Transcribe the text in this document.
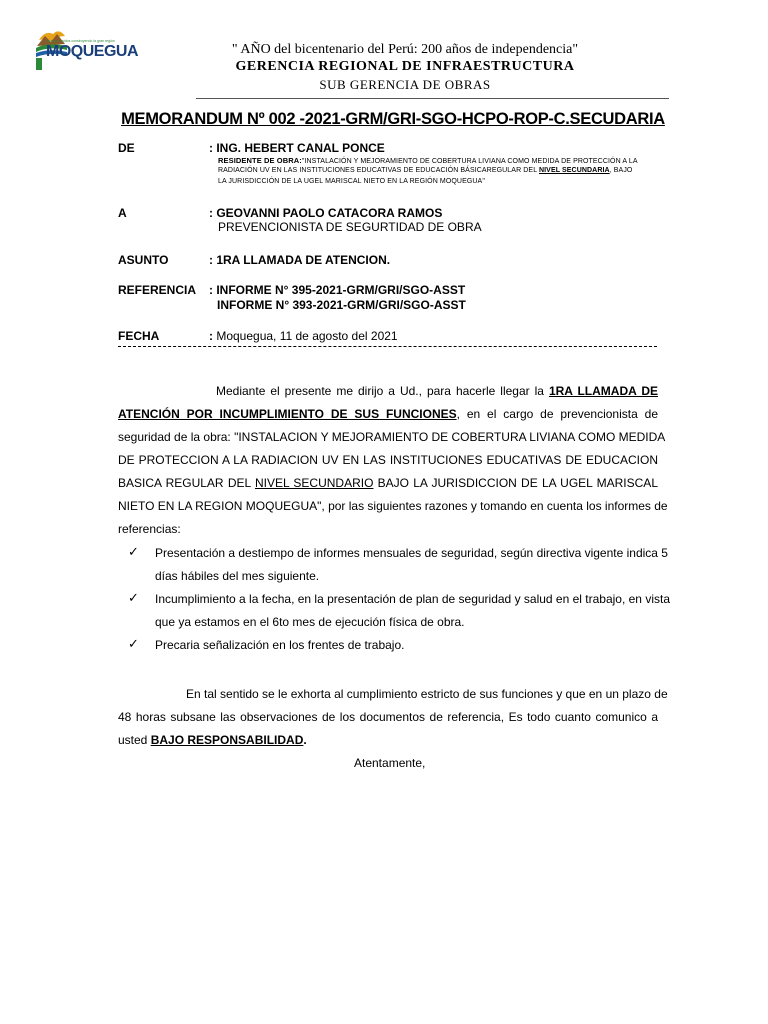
MOQUEGUA
juntos y unidos construyendo la gran región
" AÑO del bicentenario del Perú: 200 años de independencia"
GERENCIA REGIONAL DE INFRAESTRUCTURA
SUB GERENCIA DE OBRAS
MEMORANDUM Nº 002 -2021-GRM/GRI-SGO-HCPO-ROP-C.SECUDARIA
DE	: ING. HEBERT CANAL PONCE
RESIDENTE DE OBRA:"INSTALACIÓN Y MEJORAMIENTO DE COBERTURA LIVIANA COMO MEDIDA DE PROTECCIÓN A LA
RADIACIÓN UV EN LAS INSTITUCIONES EDUCATIVAS DE EDUCACIÓN BÁSICAREGULAR DEL NIVEL SECUNDARIA, BAJO
LA JURISDICCIÓN DE LA UGEL MARISCAL NIETO EN LA REGIÓN MOQUEGUA"
A	: GEOVANNI PAOLO CATACORA RAMOS
PREVENCIONISTA DE SEGURTIDAD DE OBRA
ASUNTO	: 1RA LLAMADA DE ATENCION.
REFERENCIA : INFORME N° 395-2021-GRM/GRI/SGO-ASST
INFORME N° 393-2021-GRM/GRI/SGO-ASST
FECHA	: Moquegua, 11 de agosto del 2021
Mediante el presente me dirijo a Ud., para hacerle llegar la 1RA LLAMADA DE
ATENCIÓN POR INCUMPLIMIENTO DE SUS FUNCIONES, en el cargo de prevencionista de
seguridad de la obra: "INSTALACION Y MEJORAMIENTO DE COBERTURA LIVIANA COMO MEDIDA
DE PROTECCION A LA RADIACION UV EN LAS INSTITUCIONES EDUCATIVAS DE EDUCACION
BASICA REGULAR DEL NIVEL SECUNDARIO BAJO LA JURISDICCION DE LA UGEL MARISCAL
NIETO EN LA REGION MOQUEGUA", por las siguientes razones y tomando en cuenta los informes de
referencias:
✓ Presentación a destiempo de informes mensuales de seguridad, según directiva vigente indica 5
días hábiles del mes siguiente.
✓ Incumplimiento a la fecha, en la presentación de plan de seguridad y salud en el trabajo, en vista
que ya estamos en el 6to mes de ejecución física de obra.
✓ Precaria señalización en los frentes de trabajo.
En tal sentido se le exhorta al cumplimiento estricto de sus funciones y que en un plazo de
48 horas subsane las observaciones de los documentos de referencia, Es todo cuanto comunico a
usted BAJO RESPONSABILIDAD.
Atentamente,
